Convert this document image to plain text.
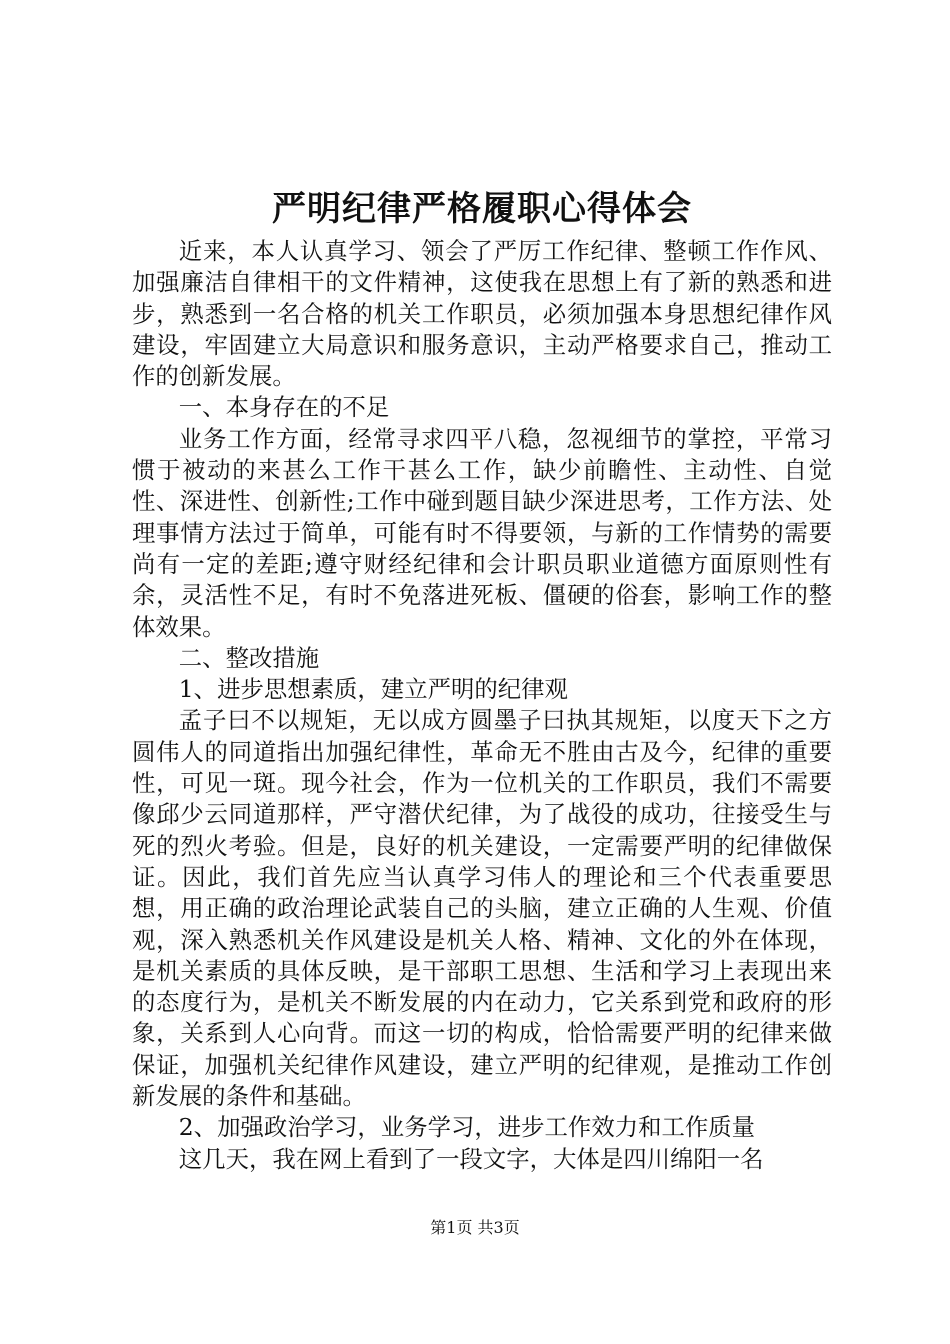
严明纪律严格履职心得体会

近来，本人认真学习、领会了严厉工作纪律、整顿工作作风、加强廉洁自律相干的文件精神，这使我在思想上有了新的熟悉和进步，熟悉到一名合格的机关工作职员，必须加强本身思想纪律作风建设，牢固建立大局意识和服务意识，主动严格要求自己，推动工作的创新发展。

一、本身存在的不足

业务工作方面，经常寻求四平八稳，忽视细节的掌控，平常习惯于被动的来甚么工作干甚么工作，缺少前瞻性、主动性、自觉性、深进性、创新性;工作中碰到题目缺少深进思考，工作方法、处理事情方法过于简单，可能有时不得要领，与新的工作情势的需要尚有一定的差距;遵守财经纪律和会计职员职业道德方面原则性有余，灵活性不足，有时不免落进死板、僵硬的俗套，影响工作的整体效果。

二、整改措施

1、进步思想素质，建立严明的纪律观

孟子曰不以规矩，无以成方圆墨子曰执其规矩，以度天下之方圆伟人的同道指出加强纪律性，革命无不胜由古及今，纪律的重要性，可见一斑。现今社会，作为一位机关的工作职员，我们不需要像邱少云同道那样，严守潜伏纪律，为了战役的成功，往接受生与死的烈火考验。但是，良好的机关建设，一定需要严明的纪律做保证。因此，我们首先应当认真学习伟人的理论和三个代表重要思想，用正确的政治理论武装自己的头脑，建立正确的人生观、价值观，深入熟悉机关作风建设是机关人格、精神、文化的外在体现，是机关素质的具体反映，是干部职工思想、生活和学习上表现出来的态度行为，是机关不断发展的内在动力，它关系到党和政府的形象，关系到人心向背。而这一切的构成，恰恰需要严明的纪律来做保证，加强机关纪律作风建设，建立严明的纪律观，是推动工作创新发展的条件和基础。

2、加强政治学习，业务学习，进步工作效力和工作质量

这几天，我在网上看到了一段文字，大体是四川绵阳一名

第1页 共3页
